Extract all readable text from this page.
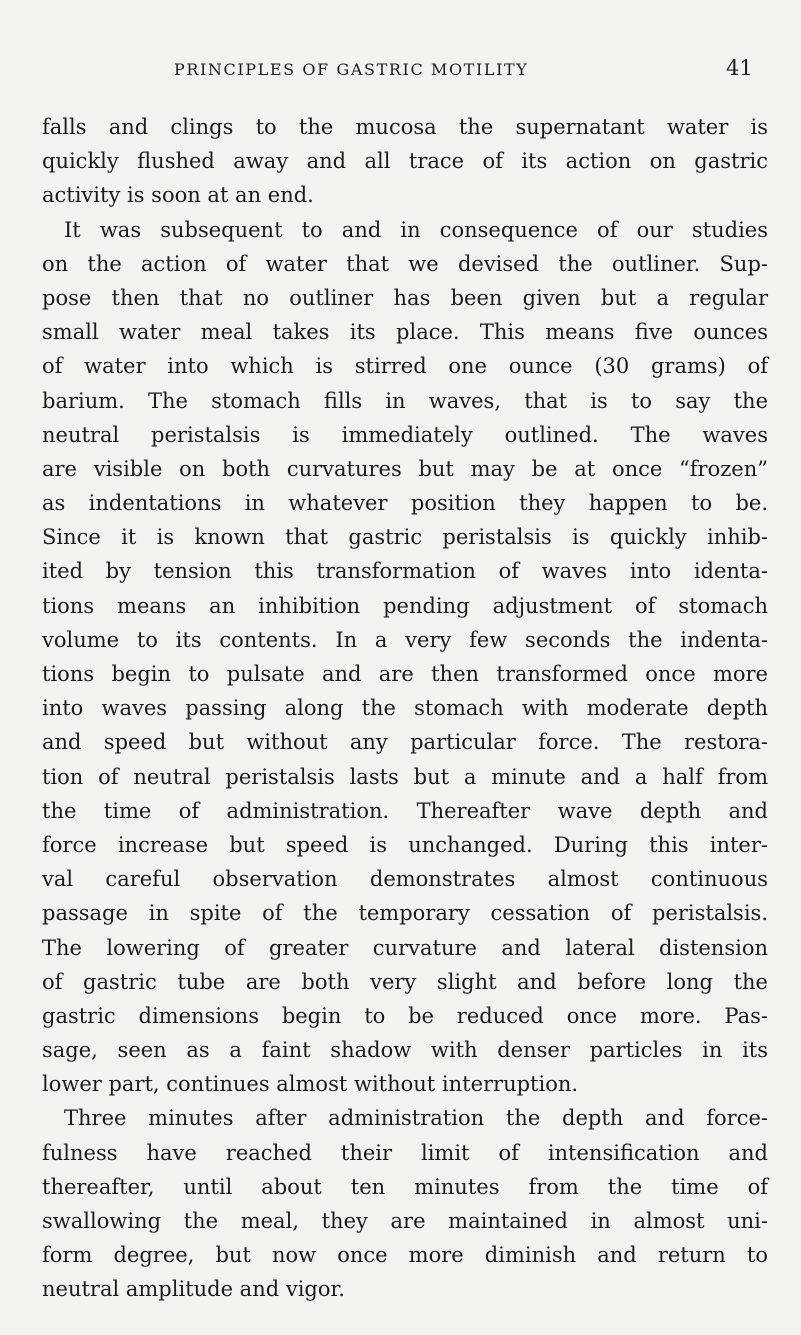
PRINCIPLES OF GASTRIC MOTILITY	41
falls and clings to the mucosa the supernatant water is
quickly flushed away and all trace of its action on gastric
activity is soon at an end.
It was subsequent to and in consequence of our studies
on the action of water that we devised the outliner. Sup-
pose then that no outliner has been given but a regular
small water meal takes its place. This means five ounces
of water into which is stirred one ounce (30 grams) of
barium. The stomach fills in waves, that is to say the
neutral peristalsis is immediately outlined. The waves
are visible on both curvatures but may be at once “frozen”
as indentations in whatever position they happen to be.
Since it is known that gastric peristalsis is quickly inhib-
ited by tension this transformation of waves into identa-
tions means an inhibition pending adjustment of stomach
volume to its contents. In a very few seconds the indenta-
tions begin to pulsate and are then transformed once more
into waves passing along the stomach with moderate depth
and speed but without any particular force. The restora-
tion of neutral peristalsis lasts but a minute and a half from
the time of administration. Thereafter wave depth and
force increase but speed is unchanged. During this inter-
val careful observation demonstrates almost continuous
passage in spite of the temporary cessation of peristalsis.
The lowering of greater curvature and lateral distension
of gastric tube are both very slight and before long the
gastric dimensions begin to be reduced once more. Pas-
sage, seen as a faint shadow with denser particles in its
lower part, continues almost without interruption.
Three minutes after administration the depth and force-
fulness have reached their limit of intensification and
thereafter, until about ten minutes from the time of
swallowing the meal, they are maintained in almost uni-
form degree, but now once more diminish and return to
neutral amplitude and vigor.
